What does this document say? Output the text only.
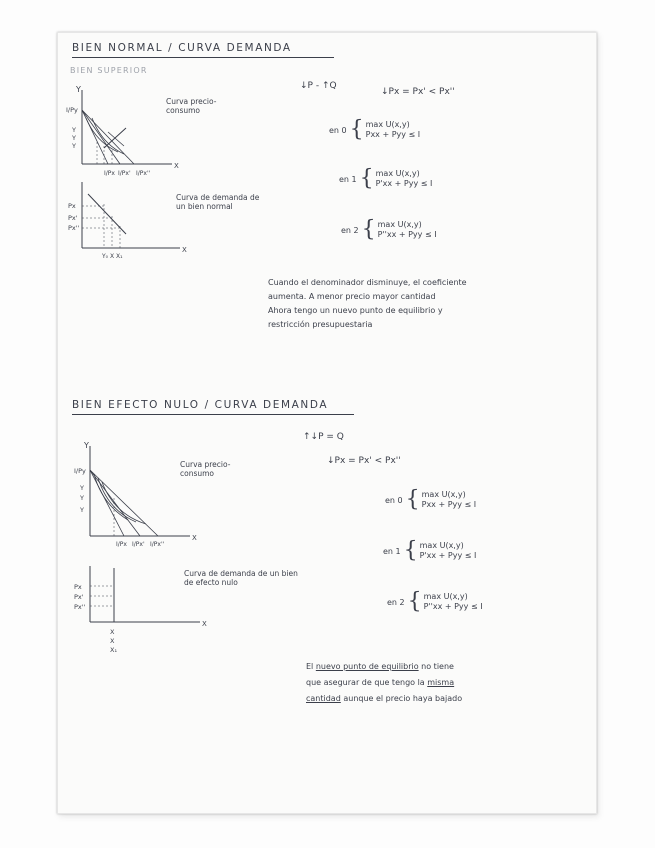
BIEN NORMAL / CURVA DEMANDA
BIEN SUPERIOR
Y
X
I/Py
Y
Y
Y
I/Px I/Px' I/Px''
X
Px
Px'
Px''
Y₀ X X₁
Curva precio-consumo
Curva de demanda de un bien normal
↓P - ↑Q
↓Px = Px' < Px''
en 0 { max U(x,y)
Pxx + Pyy ≤ I
en 1 { max U(x,y)
P'xx + Pyy ≤ I
en 2 { max U(x,y)
P''xx + Pyy ≤ I
Cuando el denominador disminuye, el coeficiente
aumenta. A menor precio mayor cantidad
Ahora tengo un nuevo punto de equilibrio y
restricción presupuestaria
BIEN EFECTO NULO / CURVA DEMANDA
Y
X
I/Py
Y
Y
Y
I/Px I/Px' I/Px''
X
Px
Px'
Px''
X
X
X₁
Curva precio-consumo
Curva de demanda de un bien de efecto nulo
↑↓P = Q
↓Px = Px' < Px''
en 0 { max U(x,y)
Pxx + Pyy ≤ I
en 1 { max U(x,y)
P'xx + Pyy ≤ I
en 2 { max U(x,y)
P''xx + Pyy ≤ I
El nuevo punto de equilibrio no tiene
que asegurar de que tengo la misma
cantidad aunque el precio haya bajado
